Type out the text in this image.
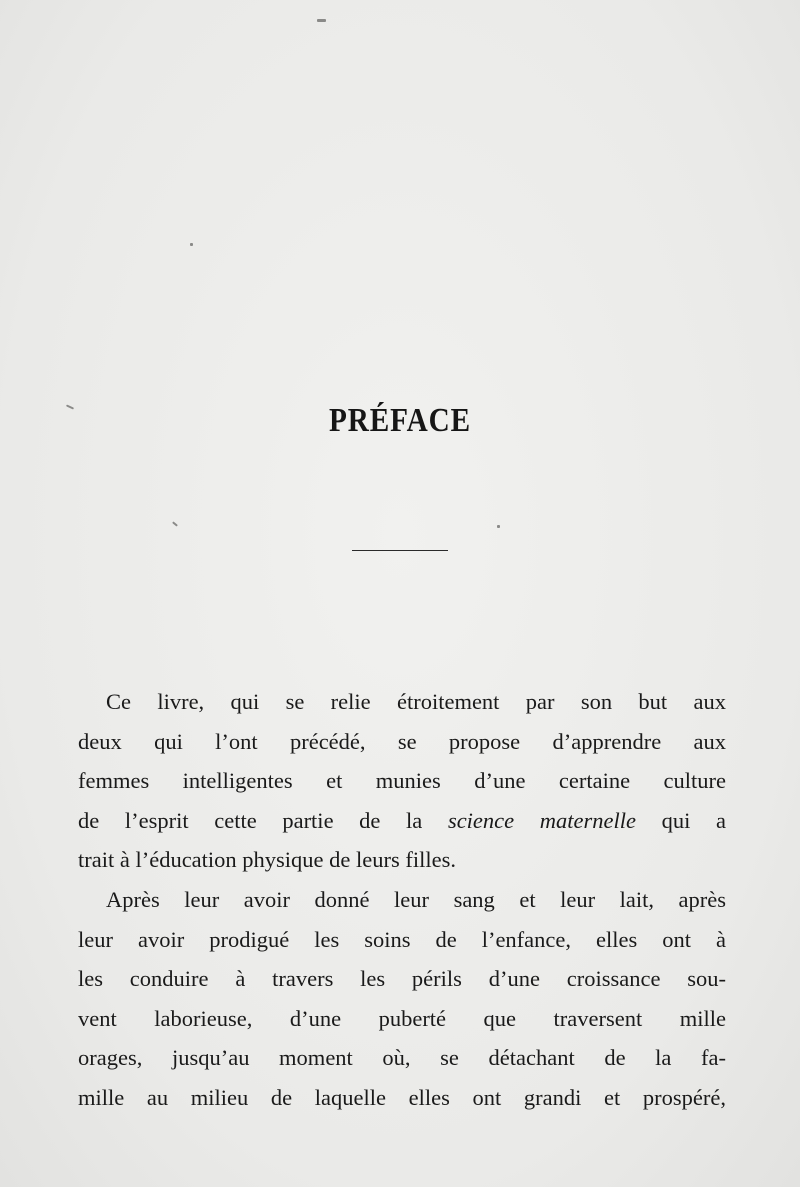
PRÉFACE
Ce livre, qui se relie étroitement par son but aux
deux qui l’ont précédé, se propose d’apprendre aux
femmes intelligentes et munies d’une certaine culture
de l’esprit cette partie de la science maternelle qui a
trait à l’éducation physique de leurs filles.
Après leur avoir donné leur sang et leur lait, après
leur avoir prodigué les soins de l’enfance, elles ont à
les conduire à travers les périls d’une croissance sou-
vent laborieuse, d’une puberté que traversent mille
orages, jusqu’au moment où, se détachant de la fa-
mille au milieu de laquelle elles ont grandi et prospéré,
